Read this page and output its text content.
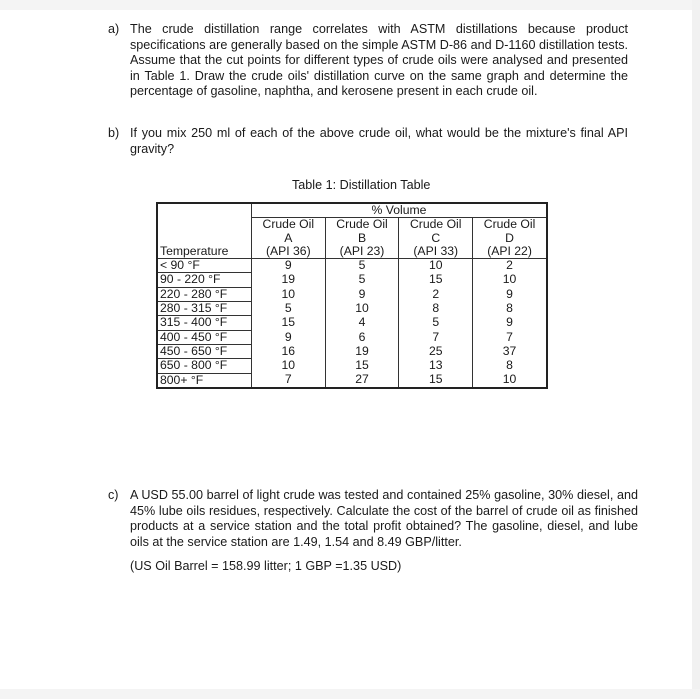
a) The crude distillation range correlates with ASTM distillations because product specifications are generally based on the simple ASTM D-86 and D-1160 distillation tests. Assume that the cut points for different types of crude oils were analysed and presented in Table 1. Draw the crude oils' distillation curve on the same graph and determine the percentage of gasoline, naphtha, and kerosene present in each crude oil.
b) If you mix 250 ml of each of the above crude oil, what would be the mixture's final API gravity?
Table 1: Distillation Table
	% Volume			
	Crude Oil	Crude Oil	Crude Oil	Crude Oil
	A	B	C	D
Temperature	(API 36)	(API 23)	(API 33)	(API 22)
< 90 °F	9	5	10	2
90 - 220 °F	19	5	15	10
220 - 280 °F	10	9	2	9
280 - 315 °F	5	10	8	8
315 - 400 °F	15	4	5	9
400 - 450 °F	9	6	7	7
450 - 650 °F	16	19	25	37
650 - 800 °F	10	15	13	8
800+ °F	7	27	15	10
c) A USD 55.00 barrel of light crude was tested and contained 25% gasoline, 30% diesel, and 45% lube oils residues, respectively. Calculate the cost of the barrel of crude oil as finished products at a service station and the total profit obtained? The gasoline, diesel, and lube oils at the service station are 1.49, 1.54 and 8.49 GBP/litter.
(US Oil Barrel = 158.99 litter; 1 GBP =1.35 USD)
